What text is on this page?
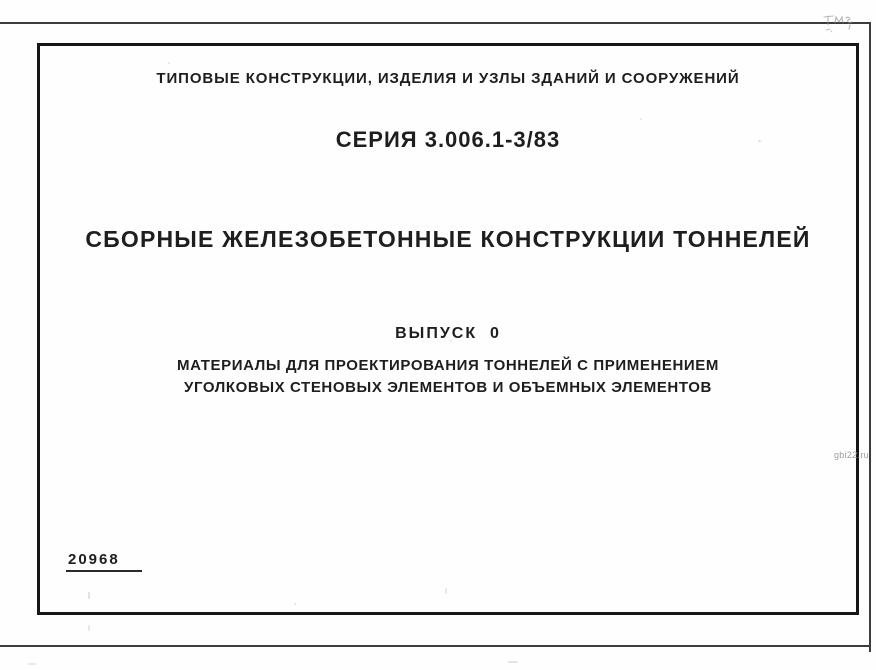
ТИПОВЫЕ КОНСТРУКЦИИ, ИЗДЕЛИЯ И УЗЛЫ ЗДАНИЙ И СООРУЖЕНИЙ
СЕРИЯ 3.006.1-3/83
СБОРНЫЕ ЖЕЛЕЗОБЕТОННЫЕ КОНСТРУКЦИИ ТОННЕЛЕЙ
ВЫПУСК  0
МАТЕРИАЛЫ ДЛЯ ПРОЕКТИРОВАНИЯ ТОННЕЛЕЙ С ПРИМЕНЕНИЕМ
УГОЛКОВЫХ СТЕНОВЫХ ЭЛЕМЕНТОВ И ОБЪЕМНЫХ ЭЛЕМЕНТОВ
20968
gbi22.ru
